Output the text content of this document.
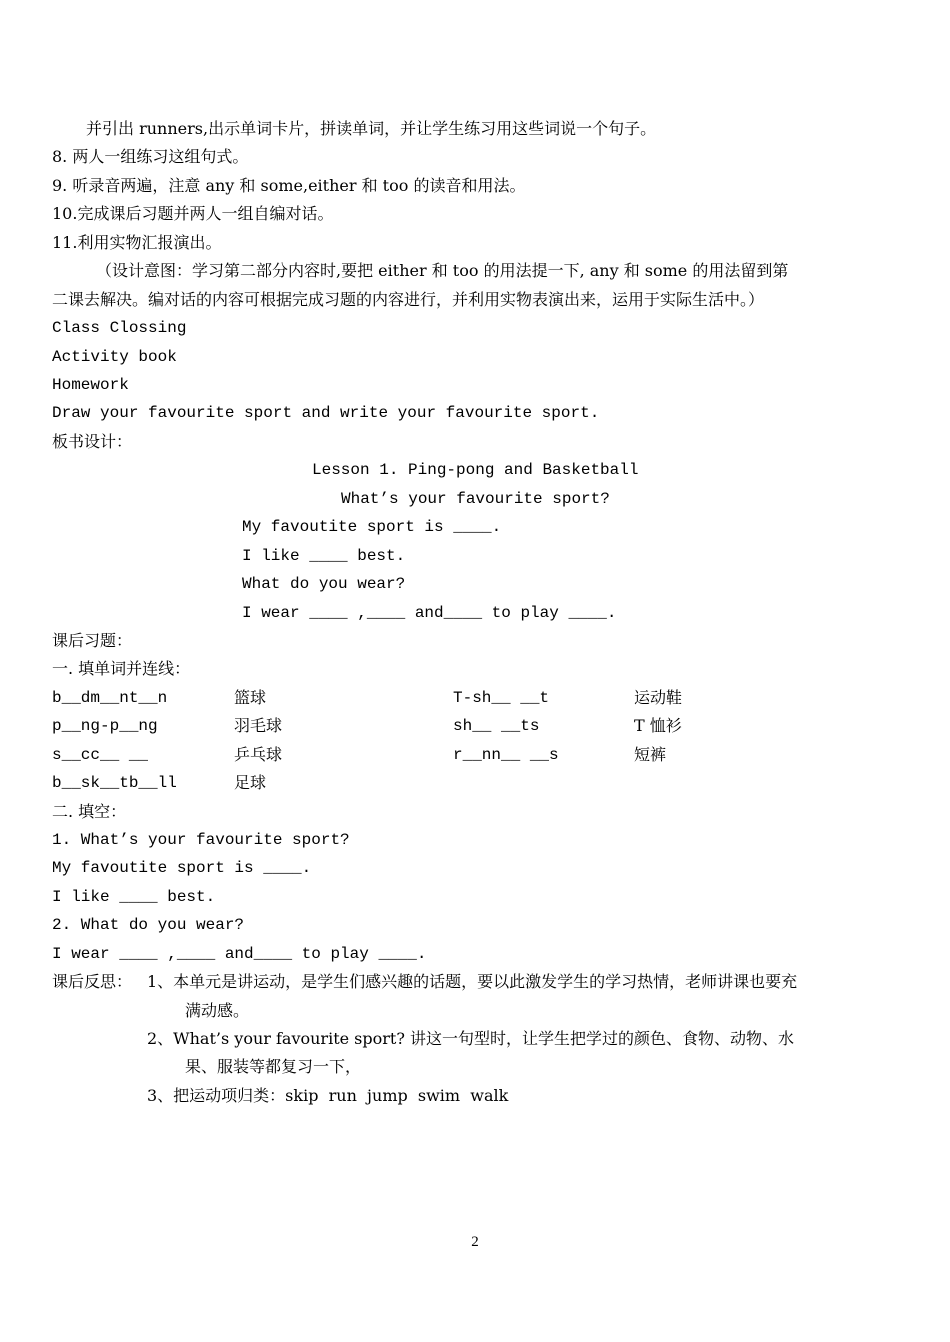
并引出 runners,出示单词卡片，拼读单词，并让学生练习用这些词说一个句子。
8. 两人一组练习这组句式。
9. 听录音两遍，注意 any 和 some,either 和 too 的读音和用法。
10.完成课后习题并两人一组自编对话。
11.利用实物汇报演出。
（设计意图：学习第二部分内容时,要把 either 和 too 的用法提一下, any 和 some 的用法留到第
二课去解决。编对话的内容可根据完成习题的内容进行，并利用实物表演出来，运用于实际生活中。）
Class Clossing
Activity book
Homework
Draw your favourite sport and write your favourite sport.
板书设计：
Lesson 1. Ping-pong and Basketball
What’s your favourite sport?
My favoutite sport is ____.
I like ____ best.
What do you wear?
I wear ____ ,____ and____ to play ____.
课后习题：
一. 填单词并连线：
b__dm__nt__n	篮球	T-sh__ __t	运动鞋
p__ng-p__ng	羽毛球	sh__ __ts	T 恤衫
s__cc__ __	乒乓球	r__nn__ __s	短裤
b__sk__tb__ll	足球
二. 填空：
1. What’s your favourite sport?
My favoutite sport is ____.
I like ____ best.
2. What do you wear?
I wear ____ ,____ and____ to play ____.
课后反思： 1、本单元是讲运动，是学生们感兴趣的话题，要以此激发学生的学习热情，老师讲课也要充
满动感。
2、What’s your favourite sport? 讲这一句型时，让学生把学过的颜色、食物、动物、水
果、服装等都复习一下，
3、把运动项归类：skip  run  jump  swim  walk
2
